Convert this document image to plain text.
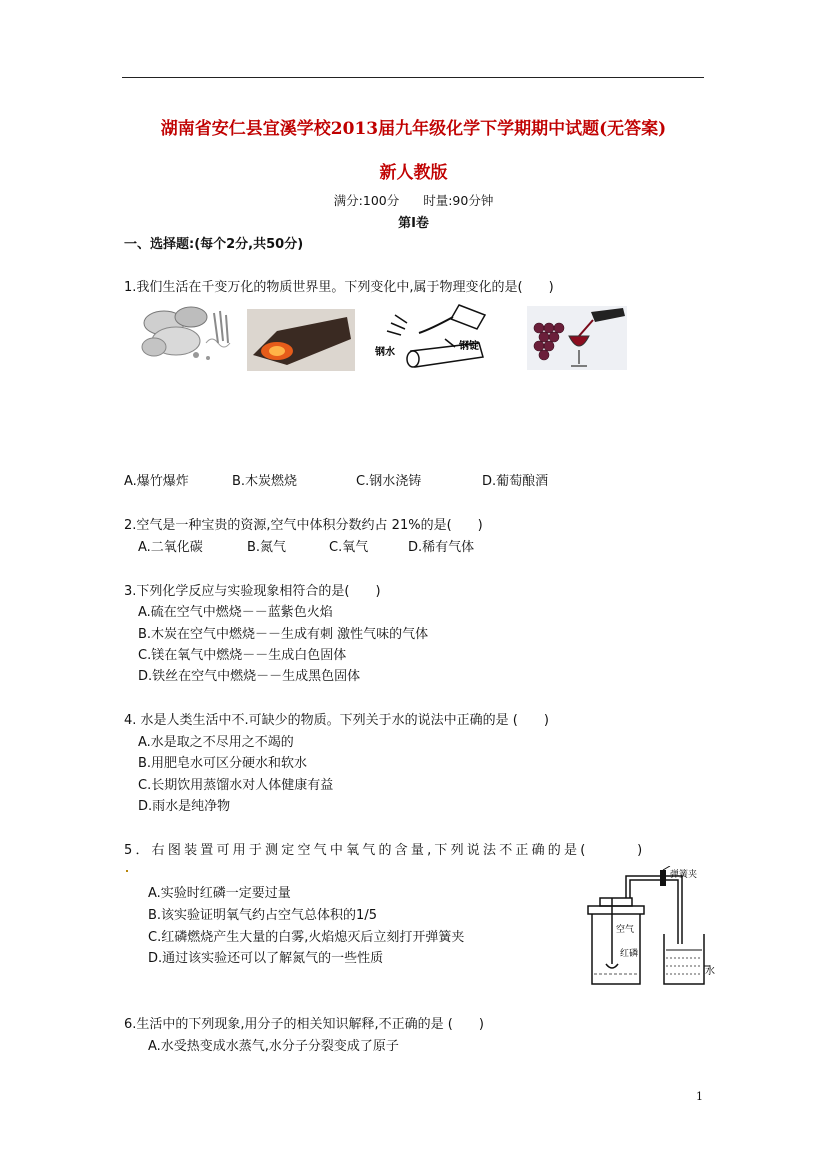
湖南省安仁县宜溪学校2013届九年级化学下学期期中试题(无答案)
新人教版
满分:100分 时量:90分钟
第Ⅰ卷
一、选择题:(每个2分,共50分)
1.我们生活在千变万化的物质世界里。下列变化中,属于物理变化的是(　　)
钢水
钢锭
A.爆竹爆炸	B.木炭燃烧	C.钢水浇铸	D.葡萄酿酒
2.空气是一种宝贵的资源,空气中体积分数约占 21%的是(　　)
A.二氧化碳	B.氮气	C.氧气	D.稀有气体
3.下列化学反应与实验现象相符合的是(　　)
A.硫在空气中燃烧－－蓝紫色火焰
B.木炭在空气中燃烧－－生成有刺 激性气味的气体
C.镁在氧气中燃烧－－生成白色固体
D.铁丝在空气中燃烧－－生成黑色固体
4. 水是人类生活中不.可缺少的物质。下列关于水的说法中正确的是 (　　)
A.水是取之不尽用之不竭的
B.用肥皂水可区分硬水和软水
C.长期饮用蒸馏水对人体健康有益
D.雨水是纯净物
5．右图装置可用于测定空气中氧气的含量,下列说法不正确的是(　　　)
A.实验时红磷一定要过量
B.该实验证明氧气约占空气总体积的1/5
C.红磷燃烧产生大量的白雾,火焰熄灭后立刻打开弹簧夹
D.通过该实验还可以了解氮气的一些性质
弹簧夹
空气
红磷
水
6.生活中的下列现象,用分子的相关知识解释,不正确的是 (　　)
A.水受热变成水蒸气,水分子分裂变成了原子
1
